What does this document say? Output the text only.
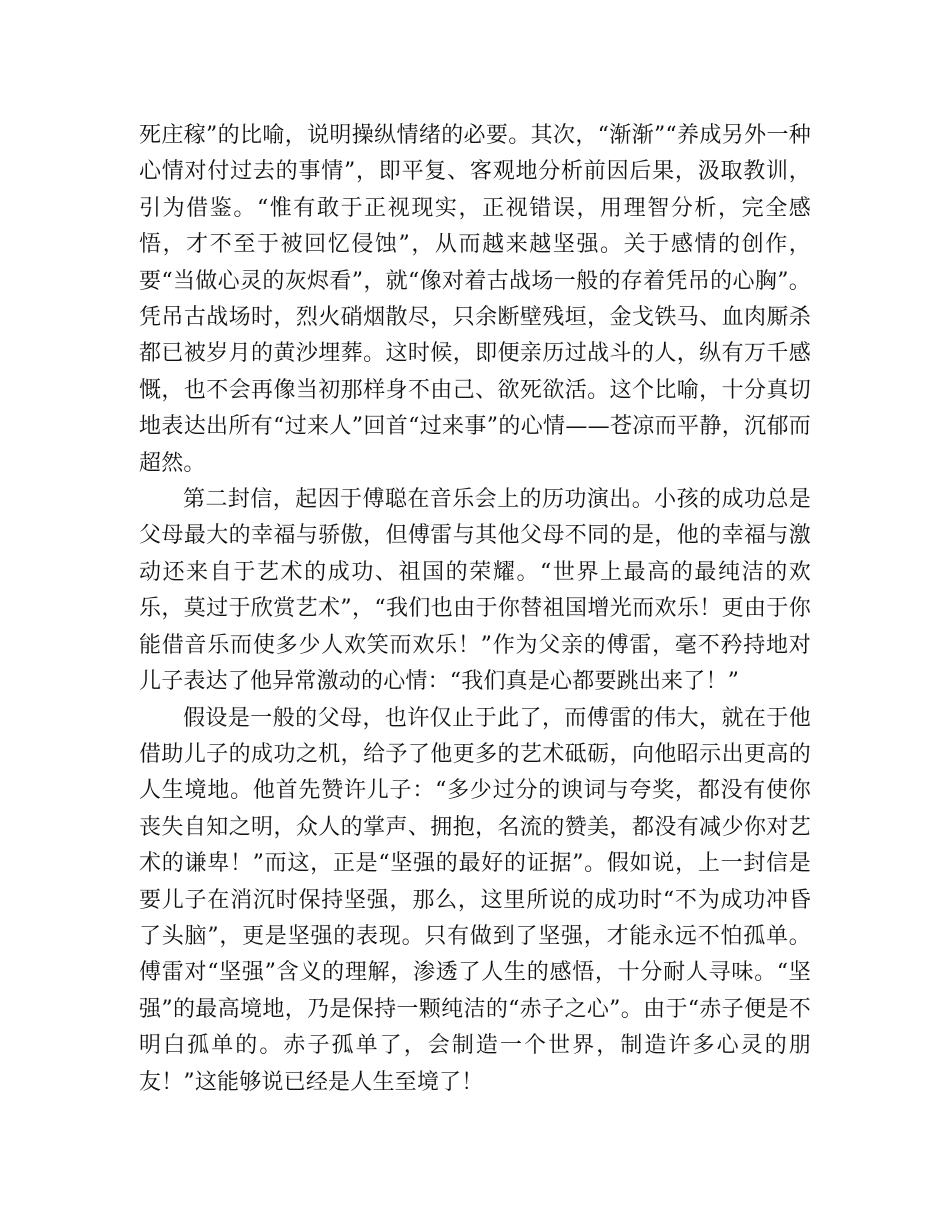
死庄稼”的比喻，说明操纵情绪的必要。其次，“渐渐”“养成另外一种心情对付过去的事情”，即平复、客观地分析前因后果，汲取教训，引为借鉴。“惟有敢于正视现实，正视错误，用理智分析，完全感悟，才不至于被回忆侵蚀”，从而越来越坚强。关于感情的创作，要“当做心灵的灰烬看”，就“像对着古战场一般的存着凭吊的心胸”。凭吊古战场时，烈火硝烟散尽，只余断壁残垣，金戈铁马、血肉厮杀都已被岁月的黄沙埋葬。这时候，即便亲历过战斗的人，纵有万千感慨，也不会再像当初那样身不由己、欲死欲活。这个比喻，十分真切地表达出所有“过来人”回首“过来事”的心情——苍凉而平静，沉郁而超然。

第二封信，起因于傅聪在音乐会上的历功演出。小孩的成功总是父母最大的幸福与骄傲，但傅雷与其他父母不同的是，他的幸福与激动还来自于艺术的成功、祖国的荣耀。“世界上最高的最纯洁的欢乐，莫过于欣赏艺术”，“我们也由于你替祖国增光而欢乐！更由于你能借音乐而使多少人欢笑而欢乐！”作为父亲的傅雷，毫不矜持地对儿子表达了他异常激动的心情：“我们真是心都要跳出来了！”

假设是一般的父母，也许仅止于此了，而傅雷的伟大，就在于他借助儿子的成功之机，给予了他更多的艺术砥砺，向他昭示出更高的人生境地。他首先赞许儿子：“多少过分的谀词与夸奖，都没有使你丧失自知之明，众人的掌声、拥抱，名流的赞美，都没有减少你对艺术的谦卑！”而这，正是“坚强的最好的证据”。假如说，上一封信是要儿子在消沉时保持坚强，那么，这里所说的成功时“不为成功冲昏了头脑”，更是坚强的表现。只有做到了坚强，才能永远不怕孤单。傅雷对“坚强”含义的理解，渗透了人生的感悟，十分耐人寻味。“坚强”的最高境地，乃是保持一颗纯洁的“赤子之心”。由于“赤子便是不明白孤单的。赤子孤单了，会制造一个世界，制造许多心灵的朋友！”这能够说已经是人生至境了！
